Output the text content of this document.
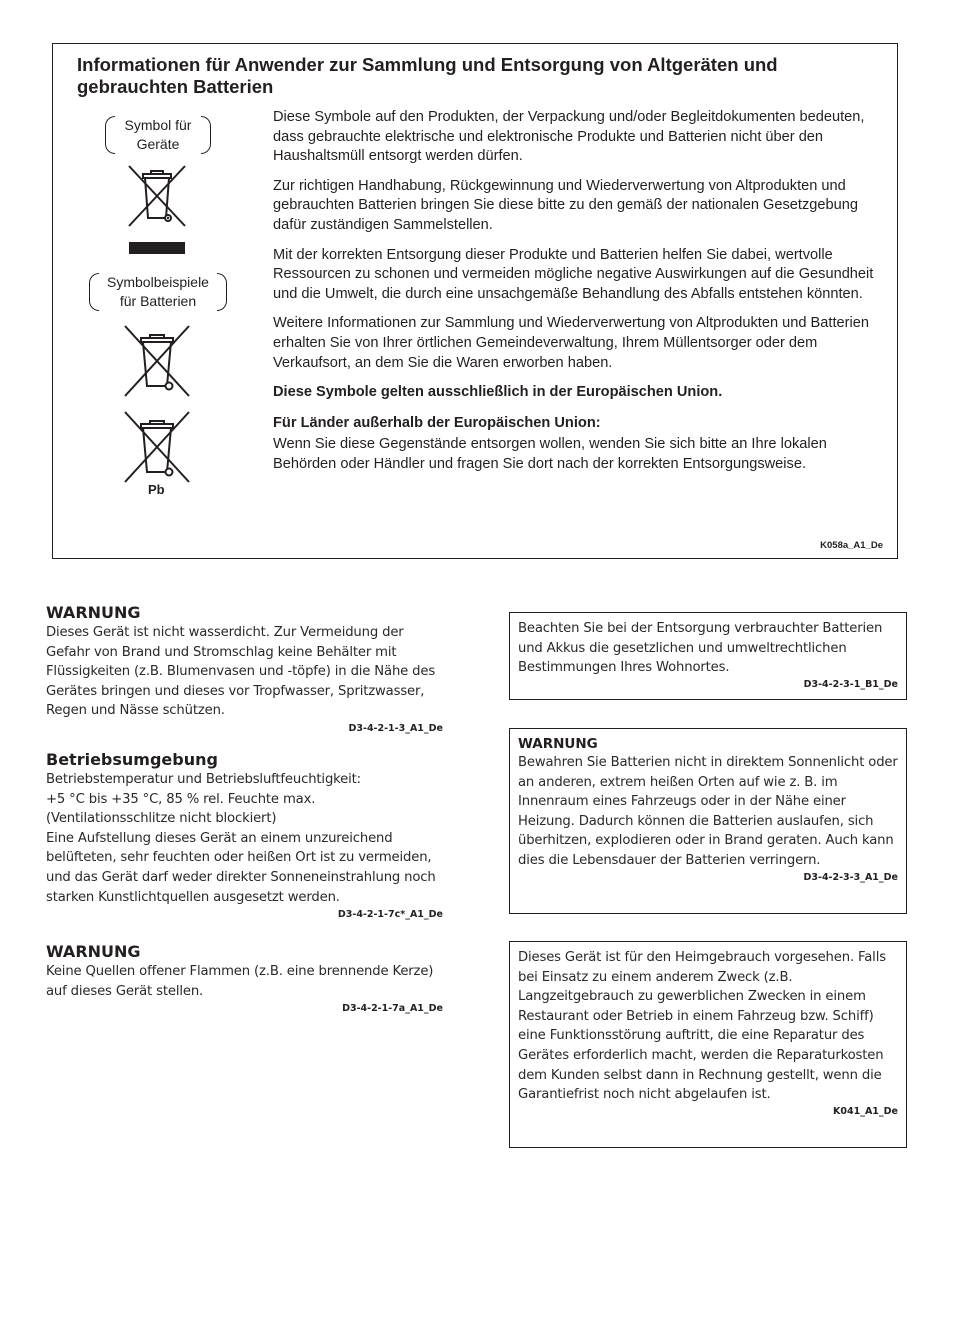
Informationen für Anwender zur Sammlung und Entsorgung von Altgeräten und gebrauchten Batterien
Symbol für Geräte
Symbolbeispiele für Batterien
Pb

Diese Symbole auf den Produkten, der Verpackung und/oder Begleitdokumenten bedeuten, dass gebrauchte elektrische und elektronische Produkte und Batterien nicht über den Haushaltsmüll entsorgt werden dürfen.

Zur richtigen Handhabung, Rückgewinnung und Wiederverwertung von Altprodukten und gebrauchten Batterien bringen Sie diese bitte zu den gemäß der nationalen Gesetzgebung dafür zuständigen Sammelstellen.

Mit der korrekten Entsorgung dieser Produkte und Batterien helfen Sie dabei, wertvolle Ressourcen zu schonen und vermeiden mögliche negative Auswirkungen auf die Gesundheit und die Umwelt, die durch eine unsachgemäße Behandlung des Abfalls entstehen könnten.

Weitere Informationen zur Sammlung und Wiederverwertung von Altprodukten und Batterien erhalten Sie von Ihrer örtlichen Gemeindeverwaltung, Ihrem Müllentsorger oder dem Verkaufsort, an dem Sie die Waren erworben haben.

Diese Symbole gelten ausschließlich in der Europäischen Union.

Für Länder außerhalb der Europäischen Union:

Wenn Sie diese Gegenstände entsorgen wollen, wenden Sie sich bitte an Ihre lokalen Behörden oder Händler und fragen Sie dort nach der korrekten Entsorgungsweise.

K058a_A1_De
WARNUNG
Dieses Gerät ist nicht wasserdicht. Zur Vermeidung der Gefahr von Brand und Stromschlag keine Behälter mit Flüssigkeiten (z.B. Blumenvasen und -töpfe) in die Nähe des Gerätes bringen und dieses vor Tropfwasser, Spritzwasser, Regen und Nässe schützen.
D3-4-2-1-3_A1_De
Betriebsumgebung
Betriebstemperatur und Betriebsluftfeuchtigkeit:
+5 °C bis +35 °C, 85 % rel. Feuchte max.
(Ventilationsschlitze nicht blockiert)
Eine Aufstellung dieses Gerät an einem unzureichend belüfteten, sehr feuchten oder heißen Ort ist zu vermeiden, und das Gerät darf weder direkter Sonneneinstrahlung noch starken Kunstlichtquellen ausgesetzt werden.
D3-4-2-1-7c*_A1_De
WARNUNG
Keine Quellen offener Flammen (z.B. eine brennende Kerze) auf dieses Gerät stellen.
D3-4-2-1-7a_A1_De
Beachten Sie bei der Entsorgung verbrauchter Batterien und Akkus die gesetzlichen und umweltrechtlichen Bestimmungen Ihres Wohnortes.
D3-4-2-3-1_B1_De
WARNUNG
Bewahren Sie Batterien nicht in direktem Sonnenlicht oder an anderen, extrem heißen Orten auf wie z. B. im Innenraum eines Fahrzeugs oder in der Nähe einer Heizung. Dadurch können die Batterien auslaufen, sich überhitzen, explodieren oder in Brand geraten. Auch kann dies die Lebensdauer der Batterien verringern.
D3-4-2-3-3_A1_De
Dieses Gerät ist für den Heimgebrauch vorgesehen. Falls bei Einsatz zu einem anderem Zweck (z.B. Langzeitgebrauch zu gewerblichen Zwecken in einem Restaurant oder Betrieb in einem Fahrzeug bzw. Schiff) eine Funktionsstörung auftritt, die eine Reparatur des Gerätes erforderlich macht, werden die Reparaturkosten dem Kunden selbst dann in Rechnung gestellt, wenn die Garantiefrist noch nicht abgelaufen ist.
K041_A1_De
